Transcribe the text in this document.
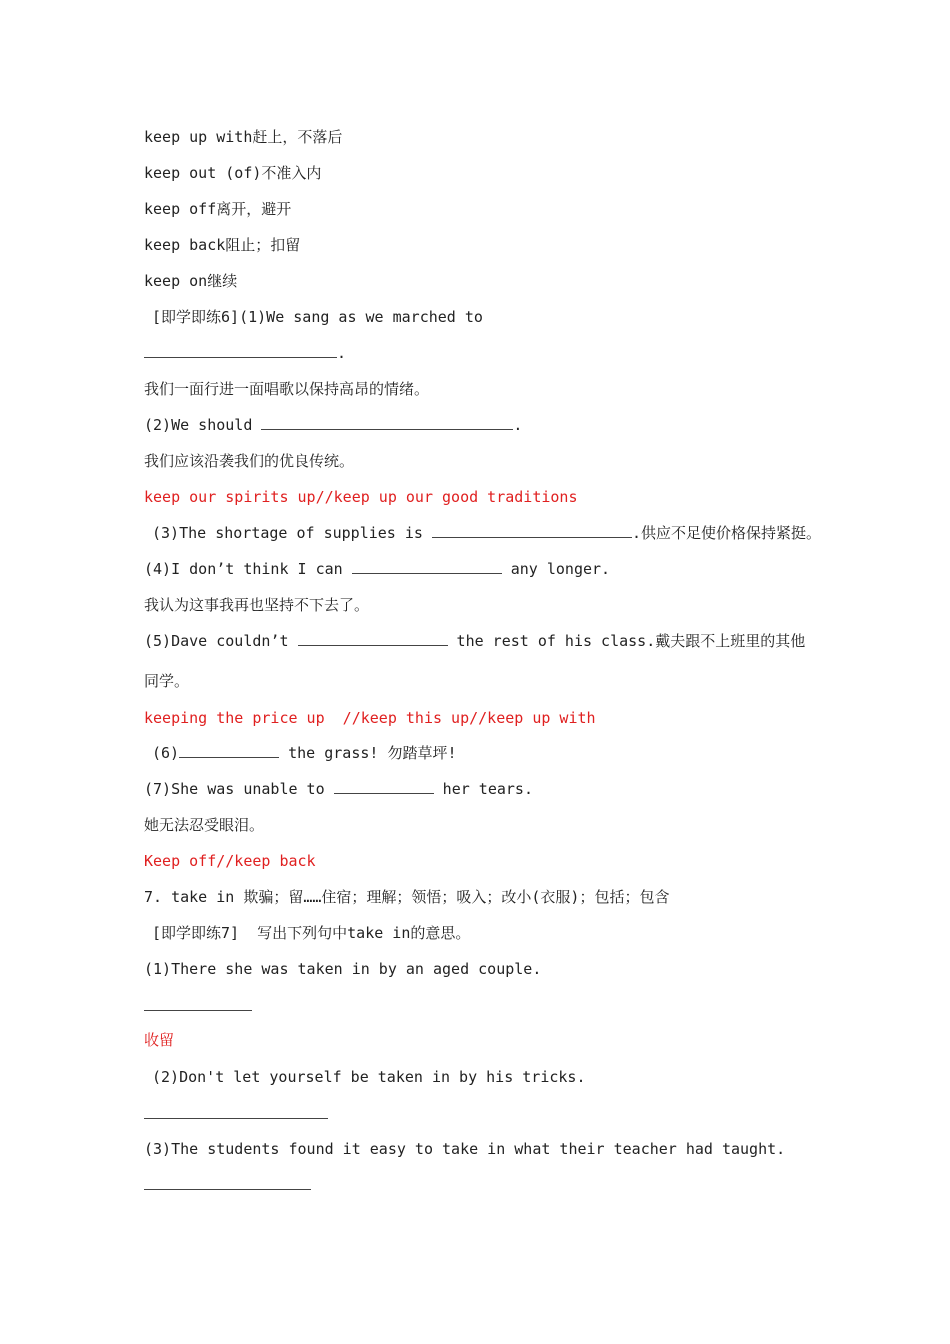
keep up with赶上，不落后
keep out (of)不准入内
keep off离开，避开
keep back阻止；扣留
keep on继续
[即学即练6](1)We sang as we marched to
.
我们一面行进一面唱歌以保持高昂的情绪。
(2)We should	.
我们应该沿袭我们的优良传统。
keep our spirits up//keep up our good traditions
(3)The shortage of supplies is	.供应不足使价格保持紧挺。
(4)I don’t think I can	any longer.
我认为这事我再也坚持不下去了。
(5)Dave couldn’t	the rest of his class.戴夫跟不上班里的其他
同学。
keeping the price up  //keep this up//keep up with
(6)	the grass! 勿踏草坪!
(7)She was unable to	her tears.
她无法忍受眼泪。
Keep off//keep back
7. take in 欺骗；留……住宿；理解；领悟；吸入；改小(衣服)；包括；包含
[即学即练7]  写出下列句中take in的意思。
(1)There she was taken in by an aged couple.
收留
(2)Don't let yourself be taken in by his tricks.
(3)The students found it easy to take in what their teacher had taught.
